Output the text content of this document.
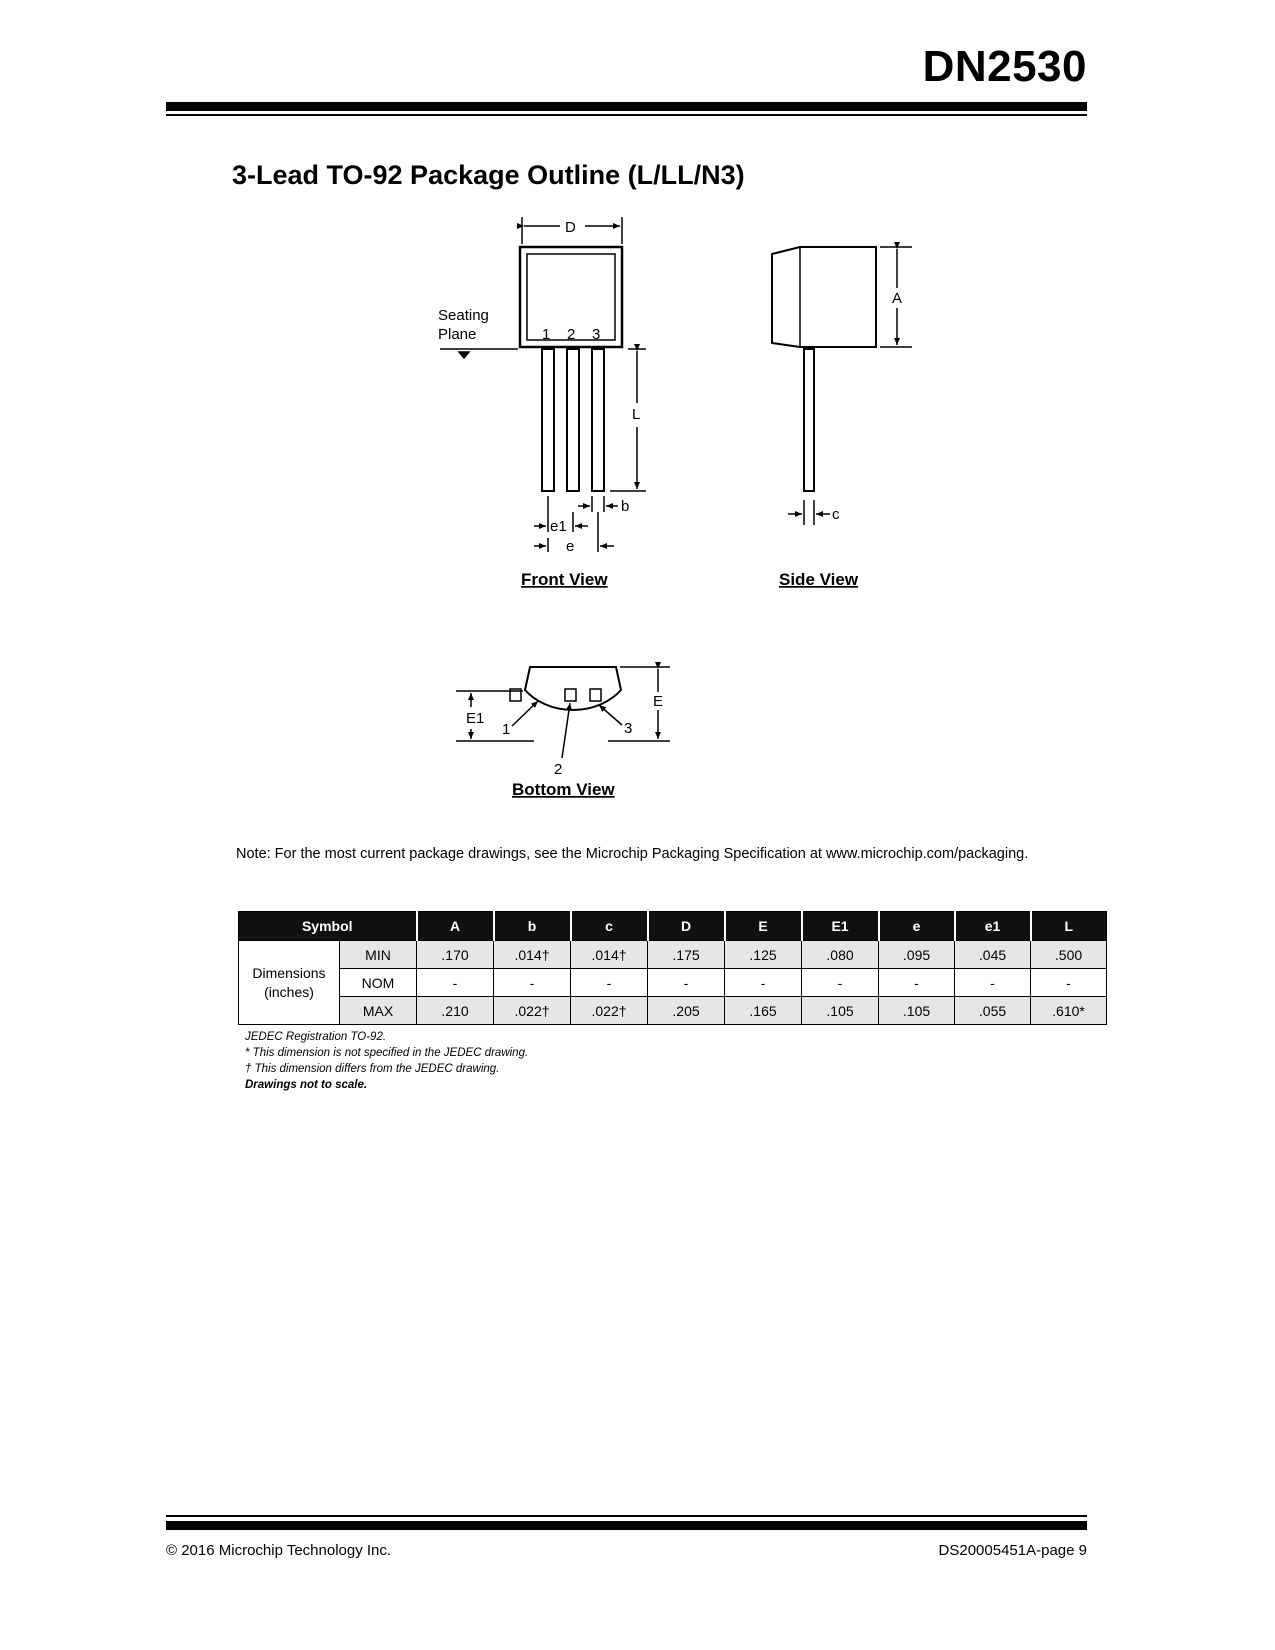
DN2530
3-Lead TO-92 Package Outline (L/LL/N3)
D
Seating
Plane	1 2 3
L
b
e1
e
A
c
E1
E
1
2
3
Front View	Side View
Bottom View
Note: For the most current package drawings, see the Microchip Packaging Specification at www.microchip.com/packaging.
Symbol		A	b	c	D	E	E1	e	e1	L
Dimensions
(inches)	MIN	.170	.014†	.014†	.175	.125	.080	.095	.045	.500
	NOM	-	-	-	-	-	-	-	-	-
	MAX	.210	.022†	.022†	.205	.165	.105	.105	.055	.610*
JEDEC Registration TO-92.
* This dimension is not specified in the JEDEC drawing.
† This dimension differs from the JEDEC drawing.
Drawings not to scale.
© 2016 Microchip Technology Inc.	DS20005451A-page 9
